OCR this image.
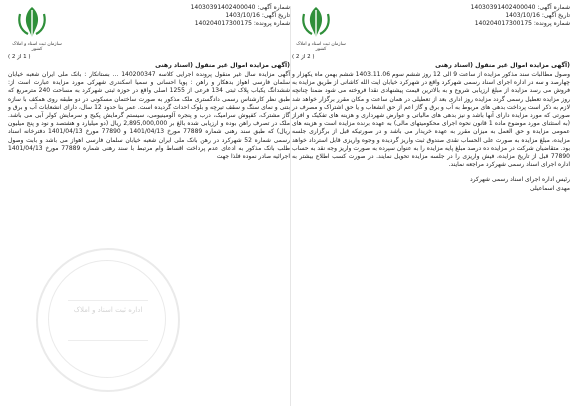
شماره آگهی: 14030391402400040
تاریخ آگهی: 1403/10/16
شماره پرونده: 140204017300175
سازمان ثبت اسناد و املاک کشور
( 2 از 2 )
(آگهی مزایده اموال غیر منقول (اسناد رهنی

وصول مطالبات سند مذکور مزایده از ساعت 9 الی 12 روز ششم سوم 1403.11.06 ششم بهمن ماه یکهزار و چهارصد و سه در اداره اجرای اسناد رسمی شهرکرد واقع در شهرکرد خیابان ایت الله کاشانی از طریق مزایده به فروش می رسد مزایده از مبلغ ارزیابی شروع و به بالاترین قیمت پیشنهادی نقدا فروخته می شود ضمنا چنانچه روز مزایده تعطیل رسمی گردد مزایده روز اداری بعد از تعطیلی در همان ساعت و مکان مقرر برگزار خواهد شد لازم به ذکر است پرداخت بدهی های مربوط به آب و برق و گاز اعم از حق انشعاب و یا حق اشتراک و مصرف در صورتی که مورد مزایده دارای آنها باشد و نیز بدهی های مالیاتی و عوارض شهرداری و هزینه های تفکیک و افراز (به استثنای مورد موضوع ماده 1 قانون نحوه اجرای محکومیتهای مالی) به عهده برنده مزایده است و هزینه های عمومی مزایده و حق العمل به میزان مقرر به عهده خریدار می باشد و در صورتیکه قبل از برگزاری جلسه مزایده، مبلغ مزایده به صورت علی الحساب نقدی صندوق ثبت واریز گردیده و وجوه واریزی قابل استرداد خواهد بود. متقاضیان شرکت در مزایده ده درصد مبلغ پایه مزایده را به عنوان سپرده به صورت واریز وجه نقد به حساب 77890 قبل از تاریخ مزایده، فیش واریزی را در جلسه مزایده تحویل نمایند. در صورت کسب اطلاع بیشتر به اداره اجرای اسناد رسمی شهرکرد مراجعه نمایند.

رئیس اداره اجرای اسناد رسمی شهرکرد
مهدی اسماعیلی
شماره آگهی: 14030391402400040
تاریخ آگهی: 1403/10/16
شماره پرونده: 140204017300175
سازمان ثبت اسناد و املاک کشور
( 1 از 2 )
(آگهی مزایده اموال غیر منقول (اسناد رهنی

آگهی مزایده سال غیر منقول پرونده اجرایی کلاسه 140200347 ... بستانکار : بانک ملی ایران شعبه خیابان سلمان فارسی اهواز بدهکار و راهن : پویا احسانی و سمیا اسکندری شهرکی مورد مزایده عبارت است از: ششدانگ یکباب پلاک ثبتی 134 فرعی از 1255 اصلی واقع در حوزه ثبتی شهرکرد به مساحت 240 مترمربع که طبق نظر کارشناس رسمی دادگستری ملک مذکور به صورت ساختمان مسکونی در دو طبقه روی همکف با سازه بتنی و نمای سنگ و سقف تیرچه و بلوک احداث گردیده است. عمر بنا حدود 12 سال، دارای انشعابات آب و برق و گاز مشترک، کفپوش سرامیک، درب و پنجره آلومینیومی، سیستم گرمایش پکیج و سرمایش کولر آبی می باشد. ملک در تصرف راهن بوده و ارزیابی شده بالغ بر 2,895,000,000 ریال (دو میلیارد و هشتصد و نود و پنج میلیون ریال) که طبق سند رهنی شماره 77889 مورخ 1401/04/13 و 77890 مورخ 1401/04/13 دفترخانه اسناد رسمی شماره 52 شهرکرد در رهن بانک ملی ایران شعبه خیابان سلمان فارسی اهواز می باشد و بابت وصول طلب بانک مذکور به ادعای عدم پرداخت اقساط وام مرتبط با سند رهنی شماره 77889 مورخ 1401/04/13 اجرائیه صادر نموده فلذا جهت

اداره ثبت اسناد و املاک
